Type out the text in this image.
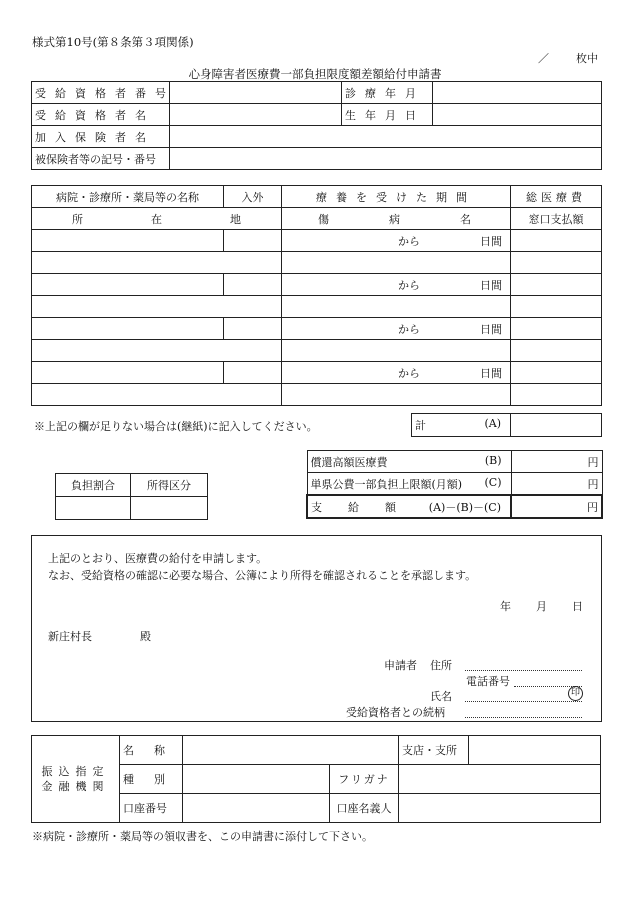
様式第10号(第８条第３項関係)
／ 枚中
心身障害者医療費一部負担限度額差額給付申請書
受給資格者番号		診療年月	
受給資格者名		生年月日	
加入保険者名			
被保険者等の記号・番号			
病院・診療所・薬局等の名称	入外	療養を受けた期間	総医療費
所在地		傷病名	窓口支払額
		から 日間	

		から 日間	

		から 日間	

		から 日間	

※上記の欄が足りない場合は(継紙)に記入してください。	計	(A)

負担割合	所得区分

償還高額医療費 (B)	円
単県公費一部負担上限額(月額) (C)	円
支給額 (A)－(B)－(C)	円
上記のとおり、医療費の給付を申請します。
なお、受給資格の確認に必要な場合、公簿により所得を確認されることを承認します。
年 月 日
新庄村長	殿
申請者 住所
電話番号
氏名	印
受給資格者との続柄
振込指定
金融機関	名称			支店・支所	
	種別		フリガナ		
	口座番号		口座名義人		
※病院・診療所・薬局等の領収書を、この申請書に添付して下さい。
